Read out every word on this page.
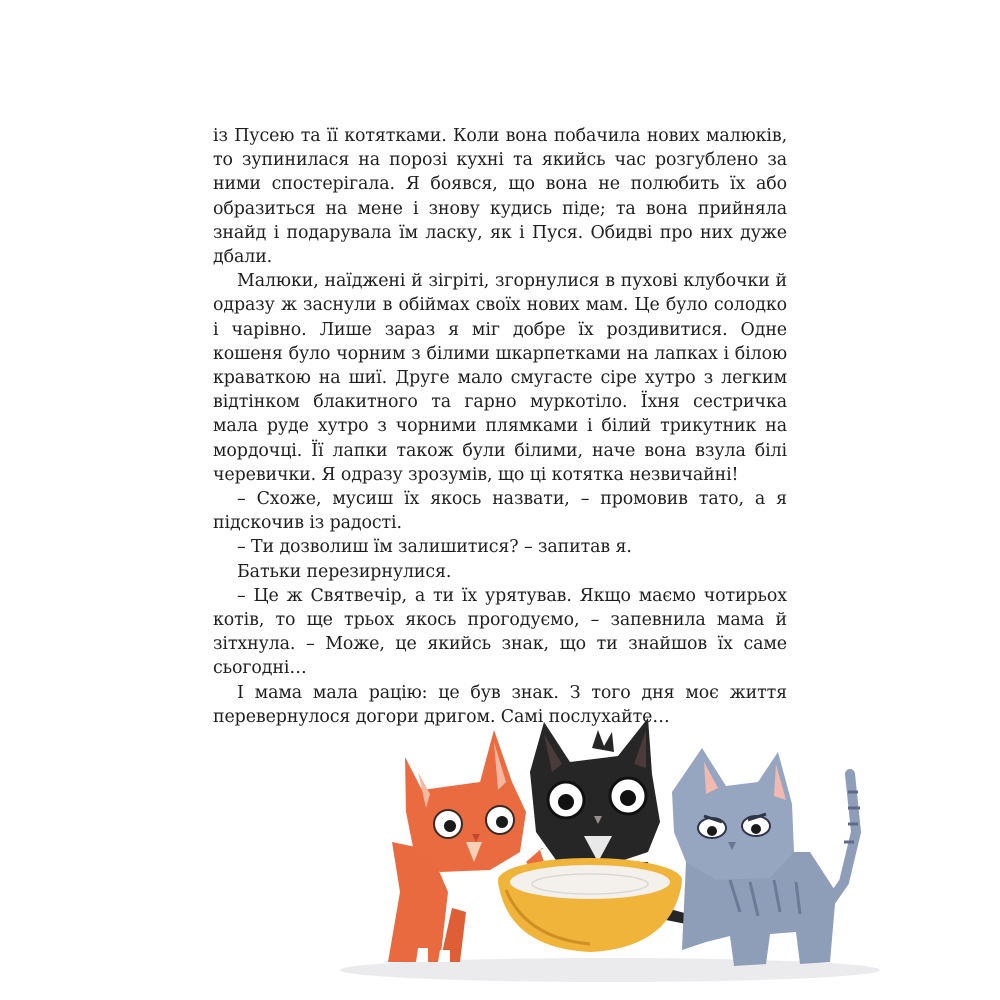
із Пусею та її котятками. Коли вона побачила нових малюків, то зупинилася на порозі кухні та якийсь час розгублено за ними спостерігала. Я боявся, що вона не полюбить їх або образиться на мене і знову кудись піде; та вона прийняла знайд і подарувала їм ласку, як і Пуся. Обидві про них дуже дбали.

Малюки, наїджені й зігріті, згорнулися в пухові клубочки й одразу ж заснули в обіймах своїх нових мам. Це було солодко і чарівно. Лише зараз я міг добре їх роздивитися. Одне кошеня було чорним з білими шкарпетками на лапках і білою краваткою на шиї. Друге мало смугасте сіре хутро з легким відтінком блакитного та гарно муркотіло. Їхня сестричка мала руде хутро з чорними плямками і білий трикутник на мордочці. Її лапки також були білими, наче вона взула білі черевички. Я одразу зрозумів, що ці котятка незвичайні!

– Схоже, мусиш їх якось назвати, – промовив тато, а я підскочив із радості.

– Ти дозволиш їм залишитися? – запитав я.

Батьки перезирнулися.

– Це ж Святвечір, а ти їх урятував. Якщо маємо чотирьох котів, то ще трьох якось прогодуємо, – запевнила мама й зітхнула. – Може, це якийсь знак, що ти знайшов їх саме сьогодні…

І мама мала рацію: це був знак. З того дня моє життя перевернулося догори дригом. Самі послухайте…
